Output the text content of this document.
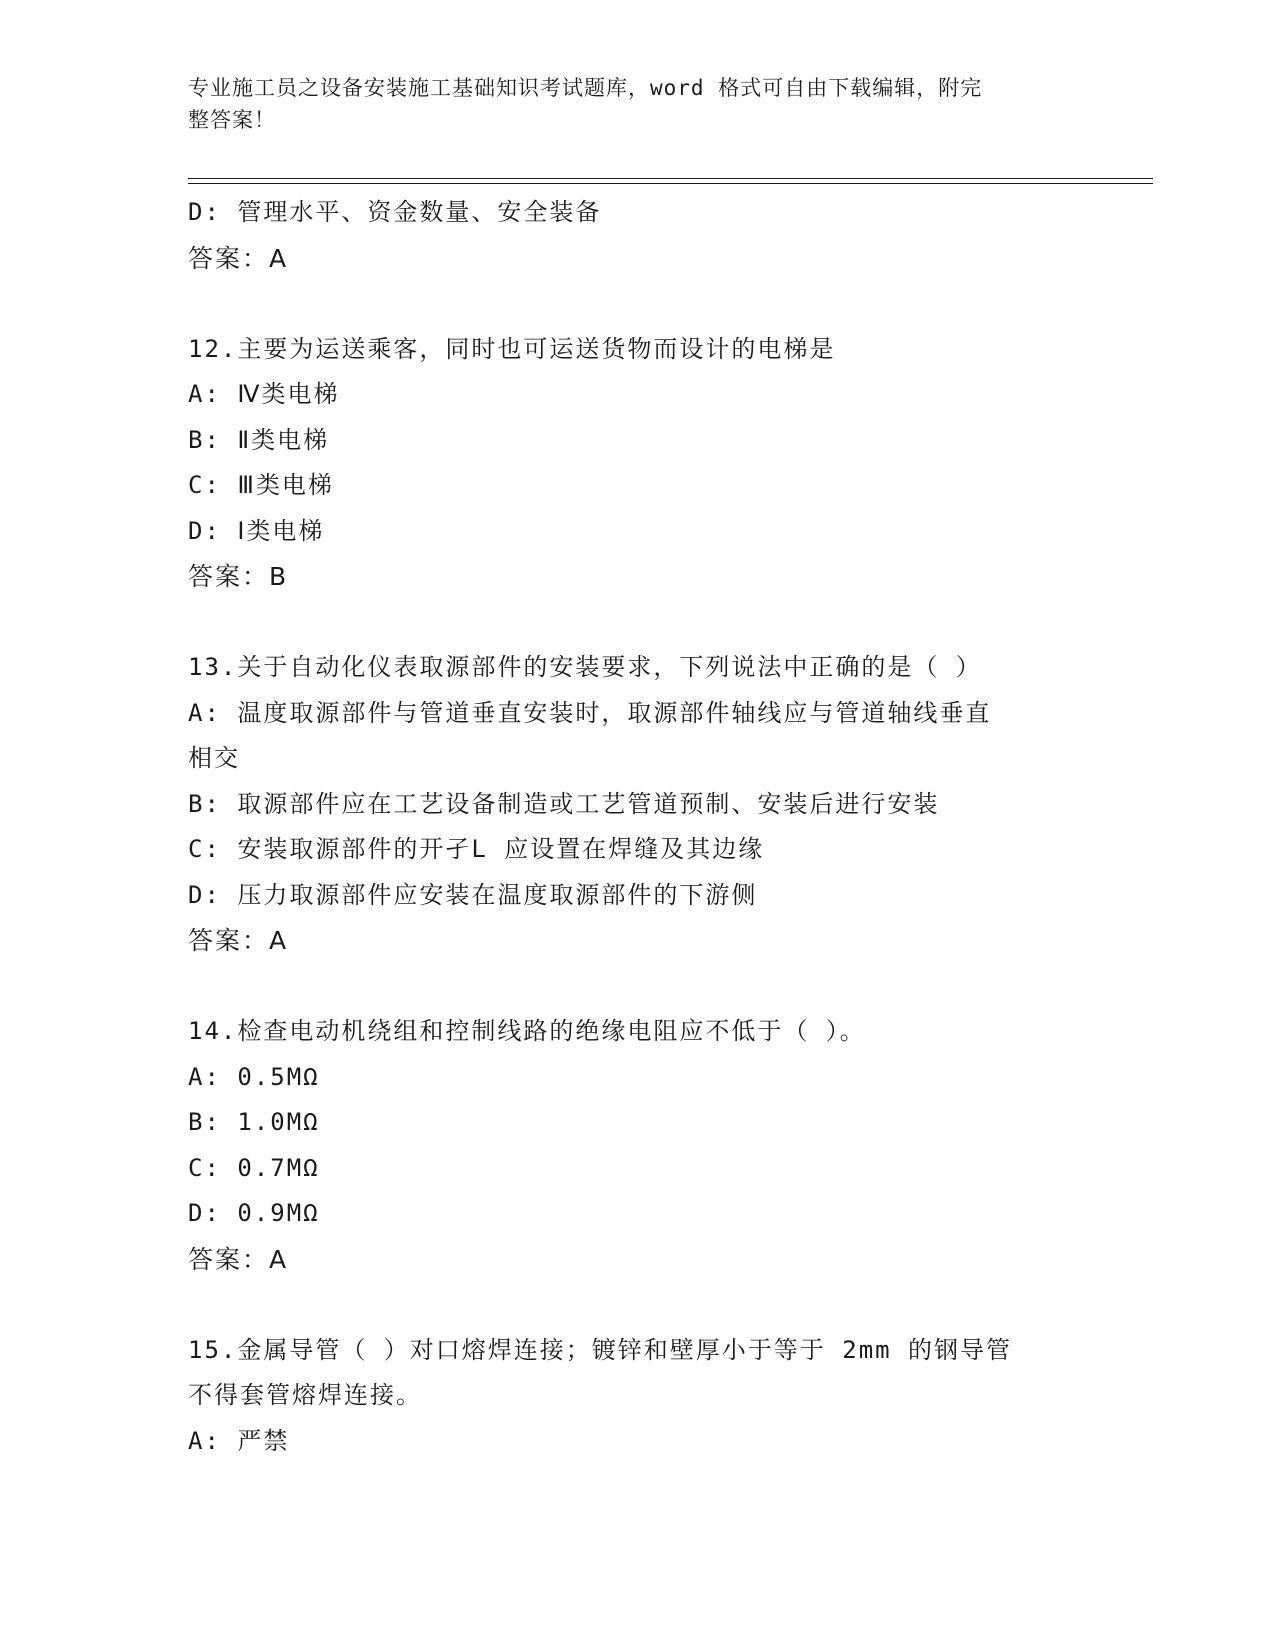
专业施工员之设备安装施工基础知识考试题库，word 格式可自由下载编辑，附完
整答案！
D: 管理水平、资金数量、安全装备
答案：A
12.主要为运送乘客，同时也可运送货物而设计的电梯是
A: Ⅳ类电梯
B: Ⅱ类电梯
C: Ⅲ类电梯
D: Ⅰ类电梯
答案：B
13.关于自动化仪表取源部件的安装要求，下列说法中正确的是（ ）
A: 温度取源部件与管道垂直安装时，取源部件轴线应与管道轴线垂直
相交
B: 取源部件应在工艺设备制造或工艺管道预制、安装后进行安装
C: 安装取源部件的开孑L 应设置在焊缝及其边缘
D: 压力取源部件应安装在温度取源部件的下游侧
答案：A
14.检查电动机绕组和控制线路的绝缘电阻应不低于（ ）。
A: 0.5MΩ
B: 1.0MΩ
C: 0.7MΩ
D: 0.9MΩ
答案：A
15.金属导管（ ）对口熔焊连接；镀锌和壁厚小于等于 2mm 的钢导管
不得套管熔焊连接。
A: 严禁
